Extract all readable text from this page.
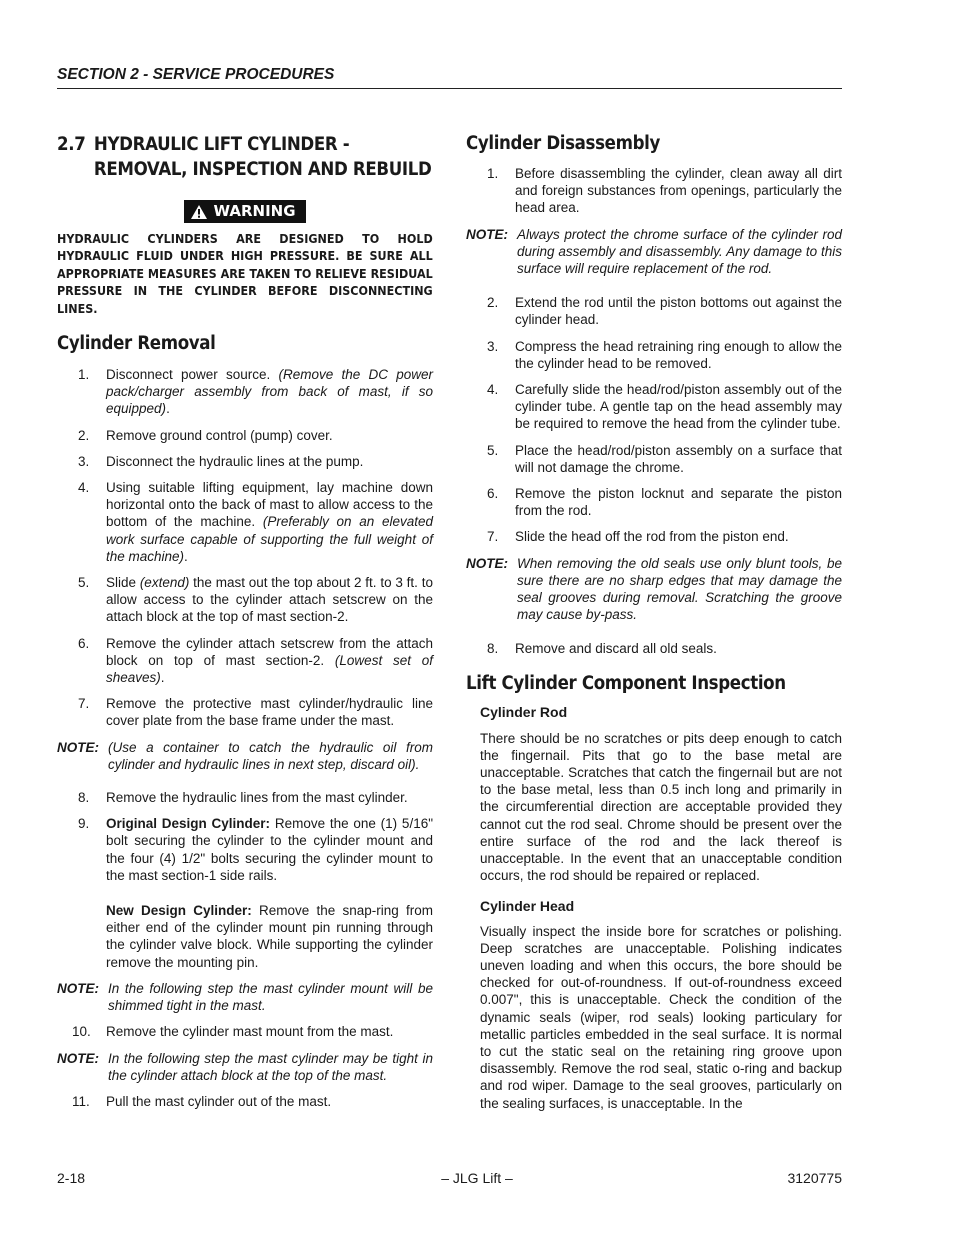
SECTION 2 - SERVICE PROCEDURES
2.7 HYDRAULIC LIFT CYLINDER - REMOVAL, INSPECTION AND REBUILD
WARNING

HYDRAULIC CYLINDERS ARE DESIGNED TO HOLD HYDRAULIC FLUID UNDER HIGH PRESSURE. BE SURE ALL APPROPRIATE MEASURES ARE TAKEN TO RELIEVE RESIDUAL PRESSURE IN THE CYLINDER BEFORE DISCONNECTING LINES.

Cylinder Removal
1.	Disconnect power source. (Remove the DC power pack/charger assembly from back of mast, if so equipped).
2.	Remove ground control (pump) cover.
3.	Disconnect the hydraulic lines at the pump.
4.	Using suitable lifting equipment, lay machine down horizontal onto the back of mast to allow access to the bottom of the machine. (Preferably on an elevated work surface capable of supporting the full weight of the machine).
5.	Slide (extend) the mast out the top about 2 ft. to 3 ft. to allow access to the cylinder attach setscrew on the attach block at the top of mast section-2.
6.	Remove the cylinder attach setscrew from the attach block on top of mast section-2. (Lowest set of sheaves).
7.	Remove the protective mast cylinder/hydraulic line cover plate from the base frame under the mast.
NOTE: (Use a container to catch the hydraulic oil from cylinder and hydraulic lines in next step, discard oil).
8.	Remove the hydraulic lines from the mast cylinder.
9.	Original Design Cylinder: Remove the one (1) 5/16" bolt securing the cylinder to the cylinder mount and the four (4) 1/2" bolts securing the cylinder mount to the mast section-1 side rails.
New Design Cylinder: Remove the snap-ring from either end of the cylinder mount pin running through the cylinder valve block. While supporting the cylinder remove the mounting pin.
NOTE: In the following step the mast cylinder mount will be shimmed tight in the mast.
10.	Remove the cylinder mast mount from the mast.
NOTE: In the following step the mast cylinder may be tight in the cylinder attach block at the top of the mast.
11.	Pull the mast cylinder out of the mast.
Cylinder Disassembly
1.	Before disassembling the cylinder, clean away all dirt and foreign substances from openings, particularly the head area.
NOTE: Always protect the chrome surface of the cylinder rod during assembly and disassembly. Any damage to this surface will require replacement of the rod.
2.	Extend the rod until the piston bottoms out against the cylinder head.
3.	Compress the head retraining ring enough to allow the the cylinder head to be removed.
4.	Carefully slide the head/rod/piston assembly out of the cylinder tube. A gentle tap on the head assembly may be required to remove the head from the cylinder tube.
5.	Place the head/rod/piston assembly on a surface that will not damage the chrome.
6.	Remove the piston locknut and separate the piston from the rod.
7.	Slide the head off the rod from the piston end.
NOTE: When removing the old seals use only blunt tools, be sure there are no sharp edges that may damage the seal grooves during removal. Scratching the groove may cause by-pass.
8.	Remove and discard all old seals.
Lift Cylinder Component Inspection
Cylinder Rod

There should be no scratches or pits deep enough to catch the fingernail. Pits that go to the base metal are unacceptable. Scratches that catch the fingernail but are not to the base metal, less than 0.5 inch long and primarily in the circumferential direction are acceptable provided they cannot cut the rod seal. Chrome should be present over the entire surface of the rod and the lack thereof is unacceptable. In the event that an unacceptable condition occurs, the rod should be repaired or replaced.

Cylinder Head

Visually inspect the inside bore for scratches or polishing. Deep scratches are unacceptable. Polishing indicates uneven loading and when this occurs, the bore should be checked for out-of-roundness. If out-of-roundness exceed 0.007", this is unacceptable. Check the condition of the dynamic seals (wiper, rod seals) looking particulary for metallic particles embedded in the seal surface. It is normal to cut the static seal on the retaining ring groove upon disassembly. Remove the rod seal, static o-ring and backup and rod wiper. Damage to the seal grooves, particularly on the sealing surfaces, is unacceptable. In the

2-18	– JLG Lift –	3120775
